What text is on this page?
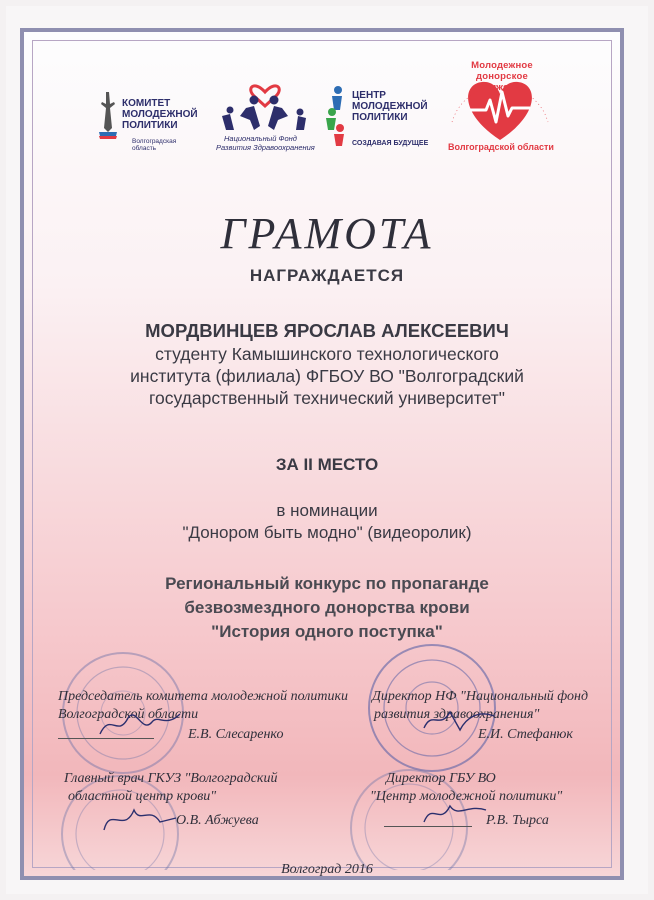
КОМИТЕТ
МОЛОДЕЖНОЙ
ПОЛИТИКИ
Волгоградская область
Национальный Фонд
Развития Здравоохранения
ЦЕНТР
МОЛОДЕЖНОЙ
ПОЛИТИКИ
СОЗДАВАЯ БУДУЩЕЕ
Молодежное донорское движение
Волгоградской области
ГРАМОТА
НАГРАЖДАЕТСЯ
МОРДВИНЦЕВ ЯРОСЛАВ АЛЕКСЕЕВИЧ
студенту Камышинского технологического
института (филиала) ФГБОУ ВО "Волгоградский
государственный технический университет"
ЗА II МЕСТО
в номинации
"Донором быть модно" (видеоролик)
Региональный конкурс по пропаганде
безвозмездного донорства крови
"История одного поступка"
Председатель комитета молодежной политики
Волгоградской области
Е.В. Слесаренко
Директор НФ "Национальный фонд
развития здравоохранения"
Е.И. Стефанюк
Главный врач ГКУЗ "Волгоградский
областной центр крови"
О.В. Абжуева
Директор ГБУ ВО
"Центр молодежной политики"
Р.В. Тырса
Волгоград 2016
